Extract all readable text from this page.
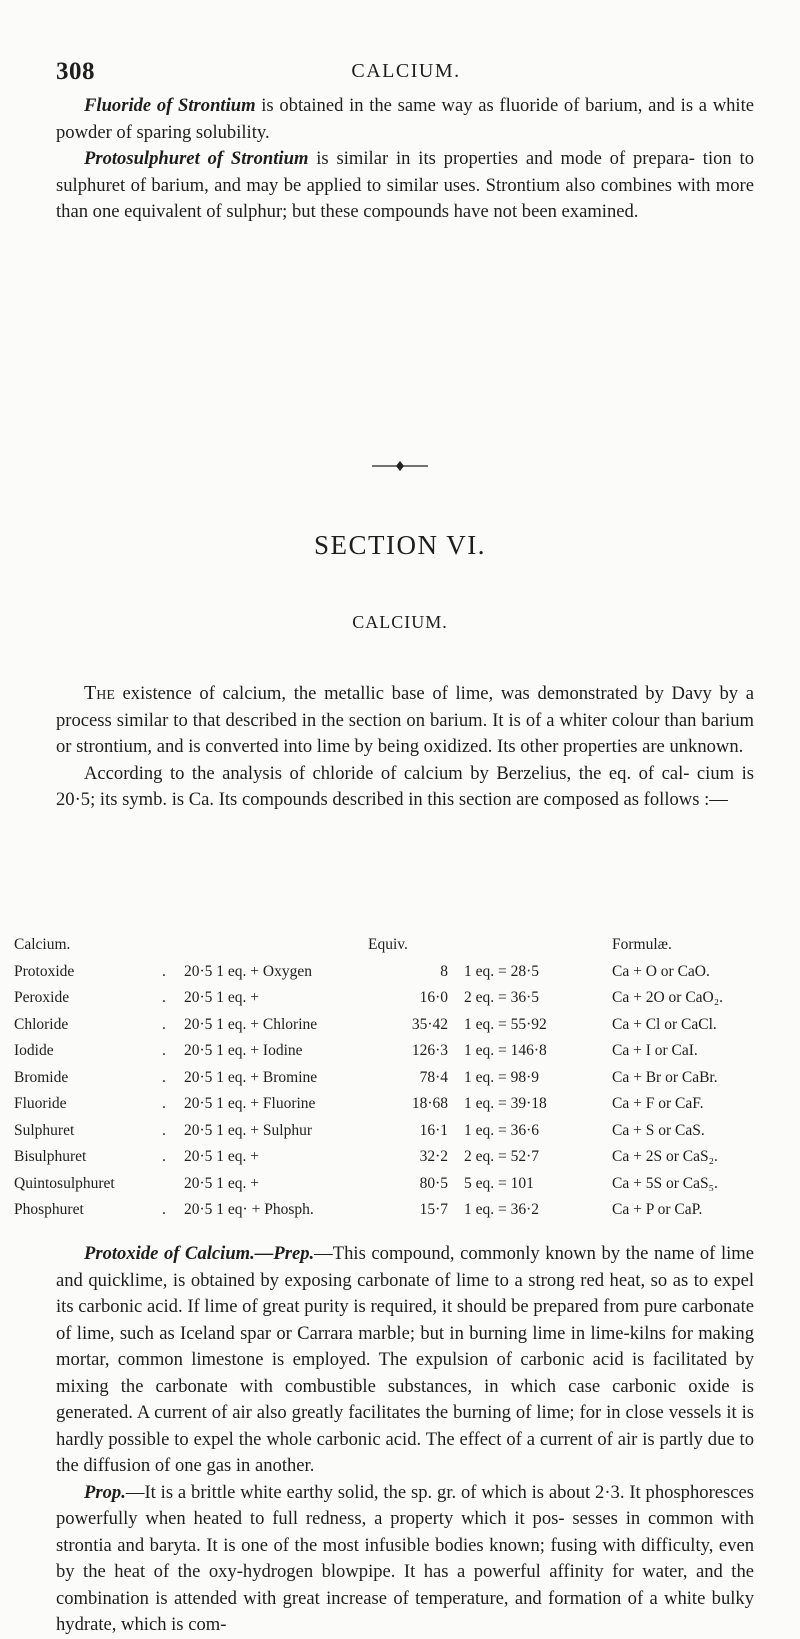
308	CALCIUM.

Fluoride of Strontium is obtained in the same way as fluoride of barium, and is a white powder of sparing solubility.

Protosulphuret of Strontium is similar in its properties and mode of prepara- tion to sulphuret of barium, and may be applied to similar uses. Strontium also combines with more than one equivalent of sulphur; but these compounds have not been examined.

SECTION VI.
CALCIUM.

The existence of calcium, the metallic base of lime, was demonstrated by Davy by a process similar to that described in the section on barium. It is of a whiter colour than barium or strontium, and is converted into lime by being oxidized. Its other properties are unknown.

According to the analysis of chloride of calcium by Berzelius, the eq. of cal- cium is 20·5; its symb. is Ca. Its compounds described in this section are composed as follows :—

Calcium.			Equiv.		Formulæ.
Protoxide	.	20·5 1 eq. + Oxygen	8	1 eq. = 28·5	Ca + O or CaO.
Peroxide	.	20·5 1 eq. +	16·0	2 eq. = 36·5	Ca + 2O or CaO₂.
Chloride	.	20·5 1 eq. + Chlorine	35·42	1 eq. = 55·92	Ca + Cl or CaCl.
Iodide	.	20·5 1 eq. + Iodine	126·3	1 eq. = 146·8	Ca + I or CaI.
Bromide	.	20·5 1 eq. + Bromine	78·4	1 eq. = 98·9	Ca + Br or CaBr.
Fluoride	.	20·5 1 eq. + Fluorine	18·68	1 eq. = 39·18	Ca + F or CaF.
Sulphuret	.	20·5 1 eq. + Sulphur	16·1	1 eq. = 36·6	Ca + S or CaS.
Bisulphuret	.	20·5 1 eq. +	32·2	2 eq. = 52·7	Ca + 2S or CaS₂.
Quintosulphuret		20·5 1 eq. +	80·5	5 eq. = 101	Ca + 5S or CaS₅.
Phosphuret	.	20·5 1 eq· + Phosph.	15·7	1 eq. = 36·2	Ca + P or CaP.

Protoxide of Calcium.—Prep.—This compound, commonly known by the name of lime and quicklime, is obtained by exposing carbonate of lime to a strong red heat, so as to expel its carbonic acid. If lime of great purity is required, it should be prepared from pure carbonate of lime, such as Iceland spar or Carrara marble; but in burning lime in lime-kilns for making mortar, common limestone is employed. The expulsion of carbonic acid is facilitated by mixing the carbonate with combustible substances, in which case carbonic oxide is generated. A current of air also greatly facilitates the burning of lime; for in close vessels it is hardly possible to expel the whole carbonic acid. The effect of a current of air is partly due to the diffusion of one gas in another.

Prop.—It is a brittle white earthy solid, the sp. gr. of which is about 2·3. It phosphoresces powerfully when heated to full redness, a property which it pos- sesses in common with strontia and baryta. It is one of the most infusible bodies known; fusing with difficulty, even by the heat of the oxy-hydrogen blowpipe. It has a powerful affinity for water, and the combination is attended with great increase of temperature, and formation of a white bulky hydrate, which is com-
